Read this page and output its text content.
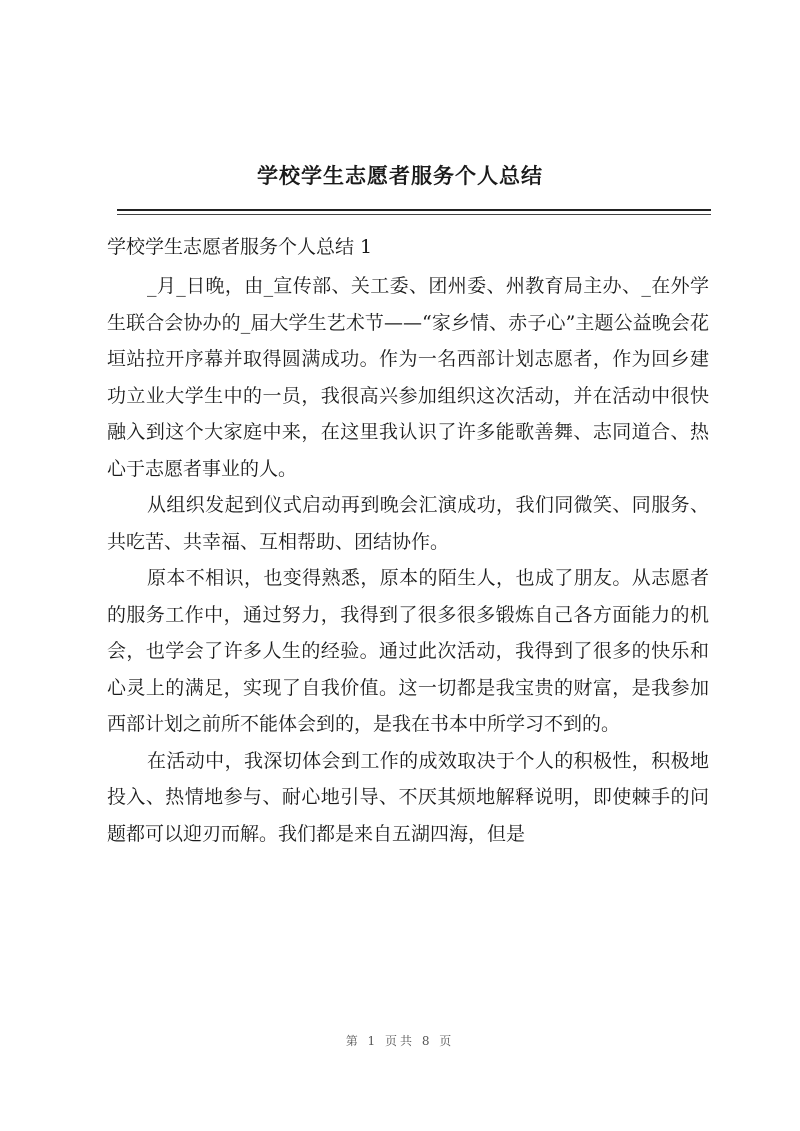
学校学生志愿者服务个人总结
学校学生志愿者服务个人总结 1

_月_日晚，由_宣传部、关工委、团州委、州教育局主办、_在外学生联合会协办的_届大学生艺术节——“家乡情、赤子心”主题公益晚会花垣站拉开序幕并取得圆满成功。作为一名西部计划志愿者，作为回乡建功立业大学生中的一员，我很高兴参加组织这次活动，并在活动中很快融入到这个大家庭中来，在这里我认识了许多能歌善舞、志同道合、热心于志愿者事业的人。

从组织发起到仪式启动再到晚会汇演成功，我们同微笑、同服务、共吃苦、共幸福、互相帮助、团结协作。

原本不相识，也变得熟悉，原本的陌生人，也成了朋友。从志愿者的服务工作中，通过努力，我得到了很多很多锻炼自己各方面能力的机会，也学会了许多人生的经验。通过此次活动，我得到了很多的快乐和心灵上的满足，实现了自我价值。这一切都是我宝贵的财富，是我参加西部计划之前所不能体会到的，是我在书本中所学习不到的。

在活动中，我深切体会到工作的成效取决于个人的积极性，积极地投入、热情地参与、耐心地引导、不厌其烦地解释说明，即使棘手的问题都可以迎刃而解。我们都是来自五湖四海，但是

第 1 页共 8 页
